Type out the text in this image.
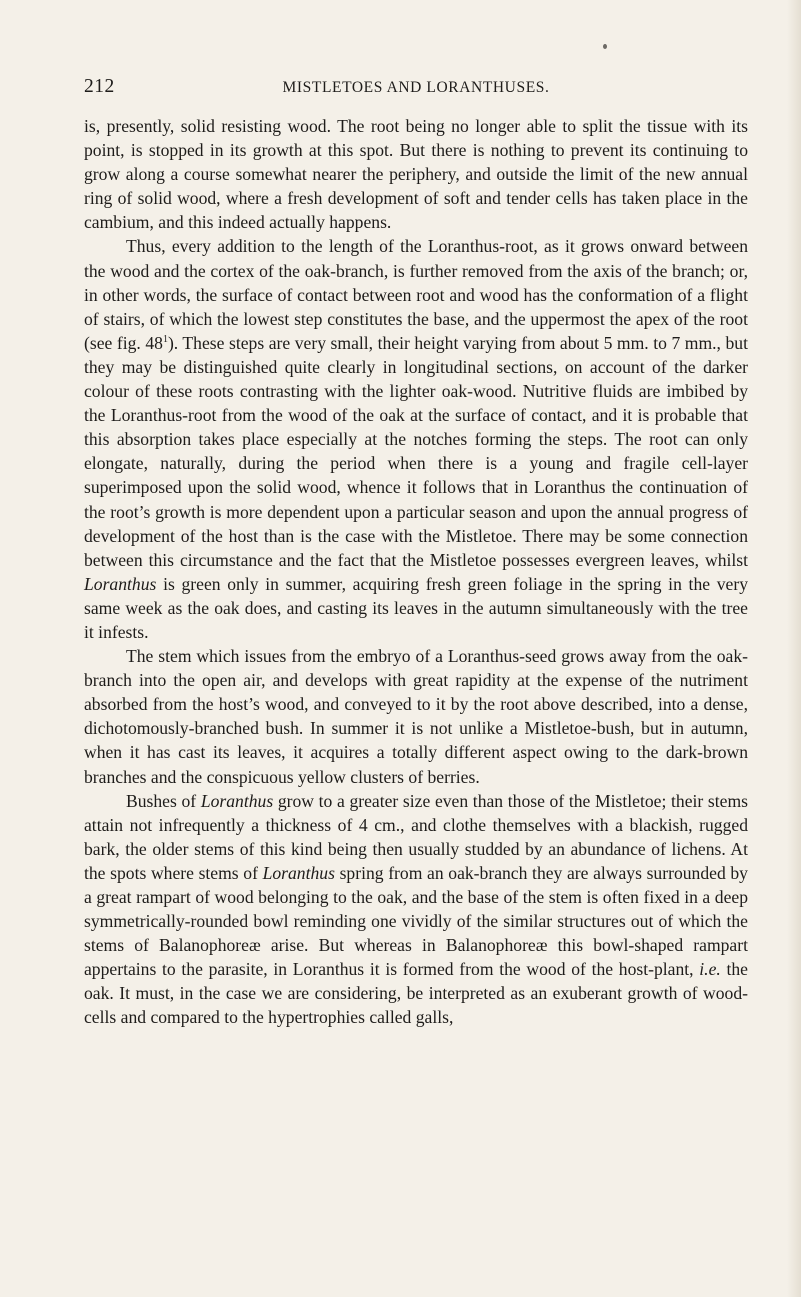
212	MISTLETOES AND LORANTHUSES.

is, presently, solid resisting wood. The root being no longer able to split the tissue with its point, is stopped in its growth at this spot. But there is nothing to prevent its continuing to grow along a course somewhat nearer the periphery, and outside the limit of the new annual ring of solid wood, where a fresh development of soft and tender cells has taken place in the cambium, and this indeed actually happens.

Thus, every addition to the length of the Loranthus-root, as it grows onward between the wood and the cortex of the oak-branch, is further removed from the axis of the branch; or, in other words, the surface of contact between root and wood has the conformation of a flight of stairs, of which the lowest step constitutes the base, and the uppermost the apex of the root (see fig. $48^1$). These steps are very small, their height varying from about 5 mm. to 7 mm., but they may be distinguished quite clearly in longitudinal sections, on account of the darker colour of these roots contrasting with the lighter oak-wood. Nutritive fluids are imbibed by the Loranthus-root from the wood of the oak at the surface of contact, and it is probable that this absorption takes place especially at the notches forming the steps. The root can only elongate, naturally, during the period when there is a young and fragile cell-layer superimposed upon the solid wood, whence it follows that in Loranthus the continuation of the root’s growth is more dependent upon a particular season and upon the annual progress of development of the host than is the case with the Mistletoe. There may be some connection between this circumstance and the fact that the Mistletoe possesses evergreen leaves, whilst Loranthus is green only in summer, acquiring fresh green foliage in the spring in the very same week as the oak does, and casting its leaves in the autumn simultaneously with the tree it infests.

The stem which issues from the embryo of a Loranthus-seed grows away from the oak-branch into the open air, and develops with great rapidity at the expense of the nutriment absorbed from the host’s wood, and conveyed to it by the root above described, into a dense, dichotomously-branched bush. In summer it is not unlike a Mistletoe-bush, but in autumn, when it has cast its leaves, it acquires a totally different aspect owing to the dark-brown branches and the conspicuous yellow clusters of berries.

Bushes of Loranthus grow to a greater size even than those of the Mistletoe; their stems attain not infrequently a thickness of 4 cm., and clothe themselves with a blackish, rugged bark, the older stems of this kind being then usually studded by an abundance of lichens. At the spots where stems of Loranthus spring from an oak-branch they are always surrounded by a great rampart of wood belonging to the oak, and the base of the stem is often fixed in a deep symmetrically-rounded bowl reminding one vividly of the similar structures out of which the stems of Balanophoreæ arise. But whereas in Balanophoreæ this bowl-shaped rampart appertains to the parasite, in Loranthus it is formed from the wood of the host-plant, i.e. the oak. It must, in the case we are considering, be interpreted as an exuberant growth of wood-cells and compared to the hypertrophies called galls,
